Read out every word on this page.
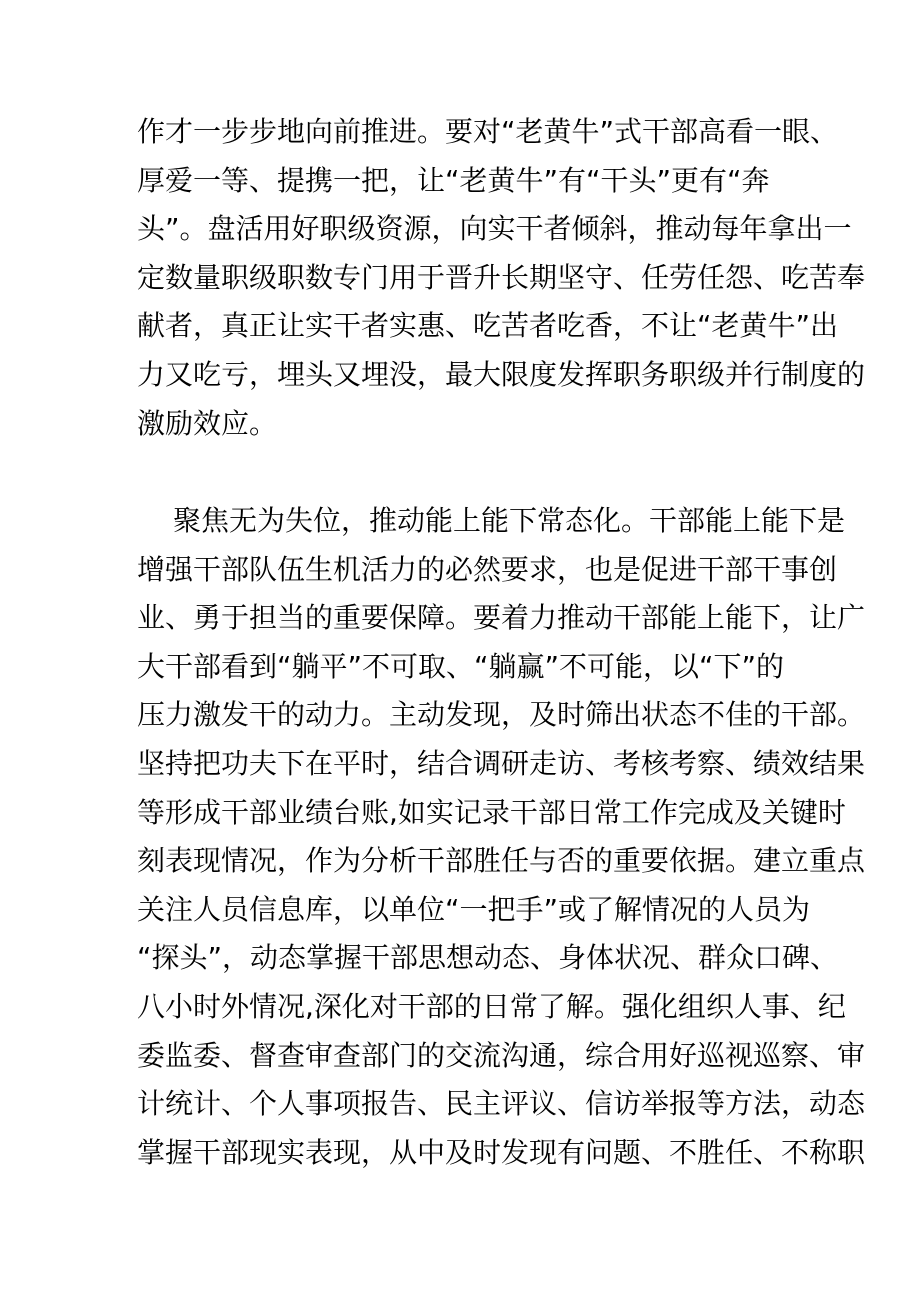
作才一步步地向前推进。要对“老黄牛”式干部高看一眼、
厚爱一等、提携一把，让“老黄牛”有“干头”更有“奔
头”。盘活用好职级资源，向实干者倾斜，推动每年拿出一
定数量职级职数专门用于晋升长期坚守、任劳任怨、吃苦奉
献者，真正让实干者实惠、吃苦者吃香，不让“老黄牛”出
力又吃亏，埋头又埋没，最大限度发挥职务职级并行制度的
激励效应。
聚焦无为失位，推动能上能下常态化。干部能上能下是
增强干部队伍生机活力的必然要求，也是促进干部干事创
业、勇于担当的重要保障。要着力推动干部能上能下，让广
大干部看到“躺平”不可取、“躺赢”不可能，以“下”的
压力激发干的动力。主动发现，及时筛出状态不佳的干部。
坚持把功夫下在平时，结合调研走访、考核考察、绩效结果
等形成干部业绩台账,如实记录干部日常工作完成及关键时
刻表现情况，作为分析干部胜任与否的重要依据。建立重点
关注人员信息库，以单位“一把手”或了解情况的人员为
“探头”，动态掌握干部思想动态、身体状况、群众口碑、
八小时外情况,深化对干部的日常了解。强化组织人事、纪
委监委、督查审查部门的交流沟通，综合用好巡视巡察、审
计统计、个人事项报告、民主评议、信访举报等方法，动态
掌握干部现实表现，从中及时发现有问题、不胜任、不称职
